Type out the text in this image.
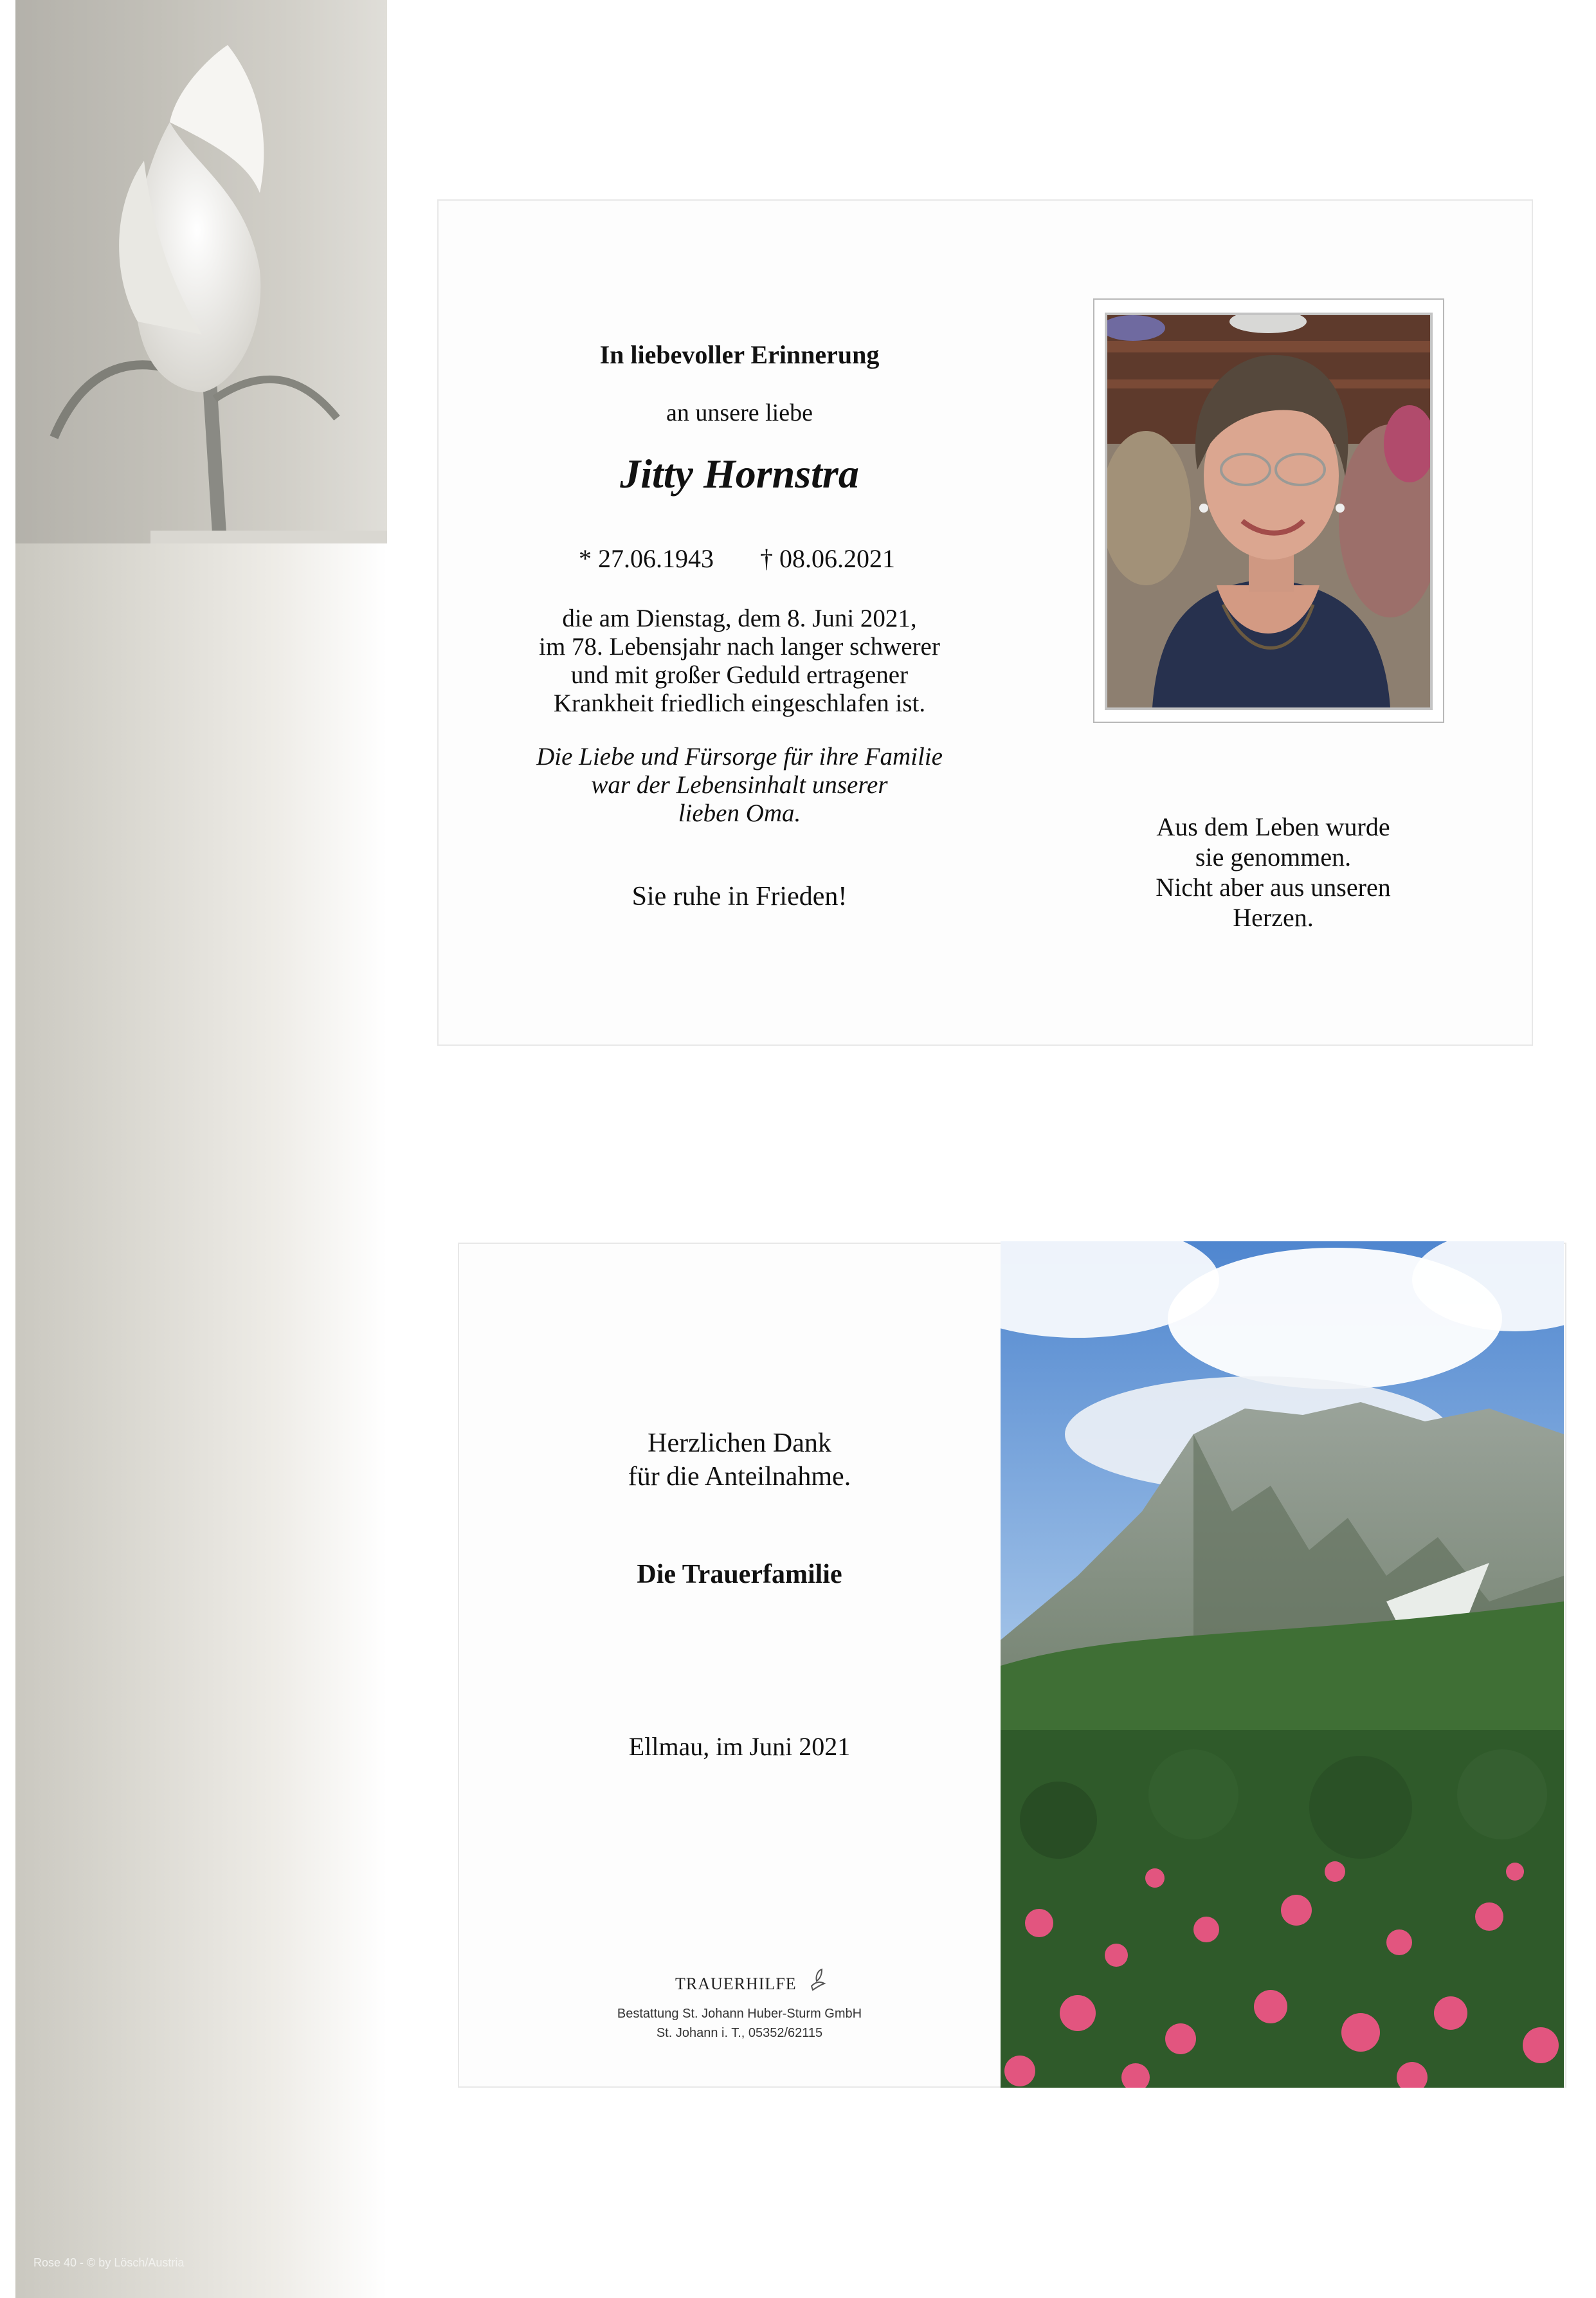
Rose 40 - © by Lösch/Austria
In liebevoller Erinnerung
an unsere liebe
Jitty Hornstra
* 27.06.1943 † 08.06.2021
die am Dienstag, dem 8. Juni 2021,
im 78. Lebensjahr nach langer schwerer
und mit großer Geduld ertragener
Krankheit friedlich eingeschlafen ist.
Die Liebe und Fürsorge für ihre Familie
war der Lebensinhalt unserer
lieben Oma.
Sie ruhe in Frieden!
Aus dem Leben wurde
sie genommen.
Nicht aber aus unseren
Herzen.
Herzlichen Dank
für die Anteilnahme.
Die Trauerfamilie
Ellmau, im Juni 2021
TRAUERHILFE
Bestattung St. Johann Huber-Sturm GmbH
St. Johann i. T., 05352/62115
